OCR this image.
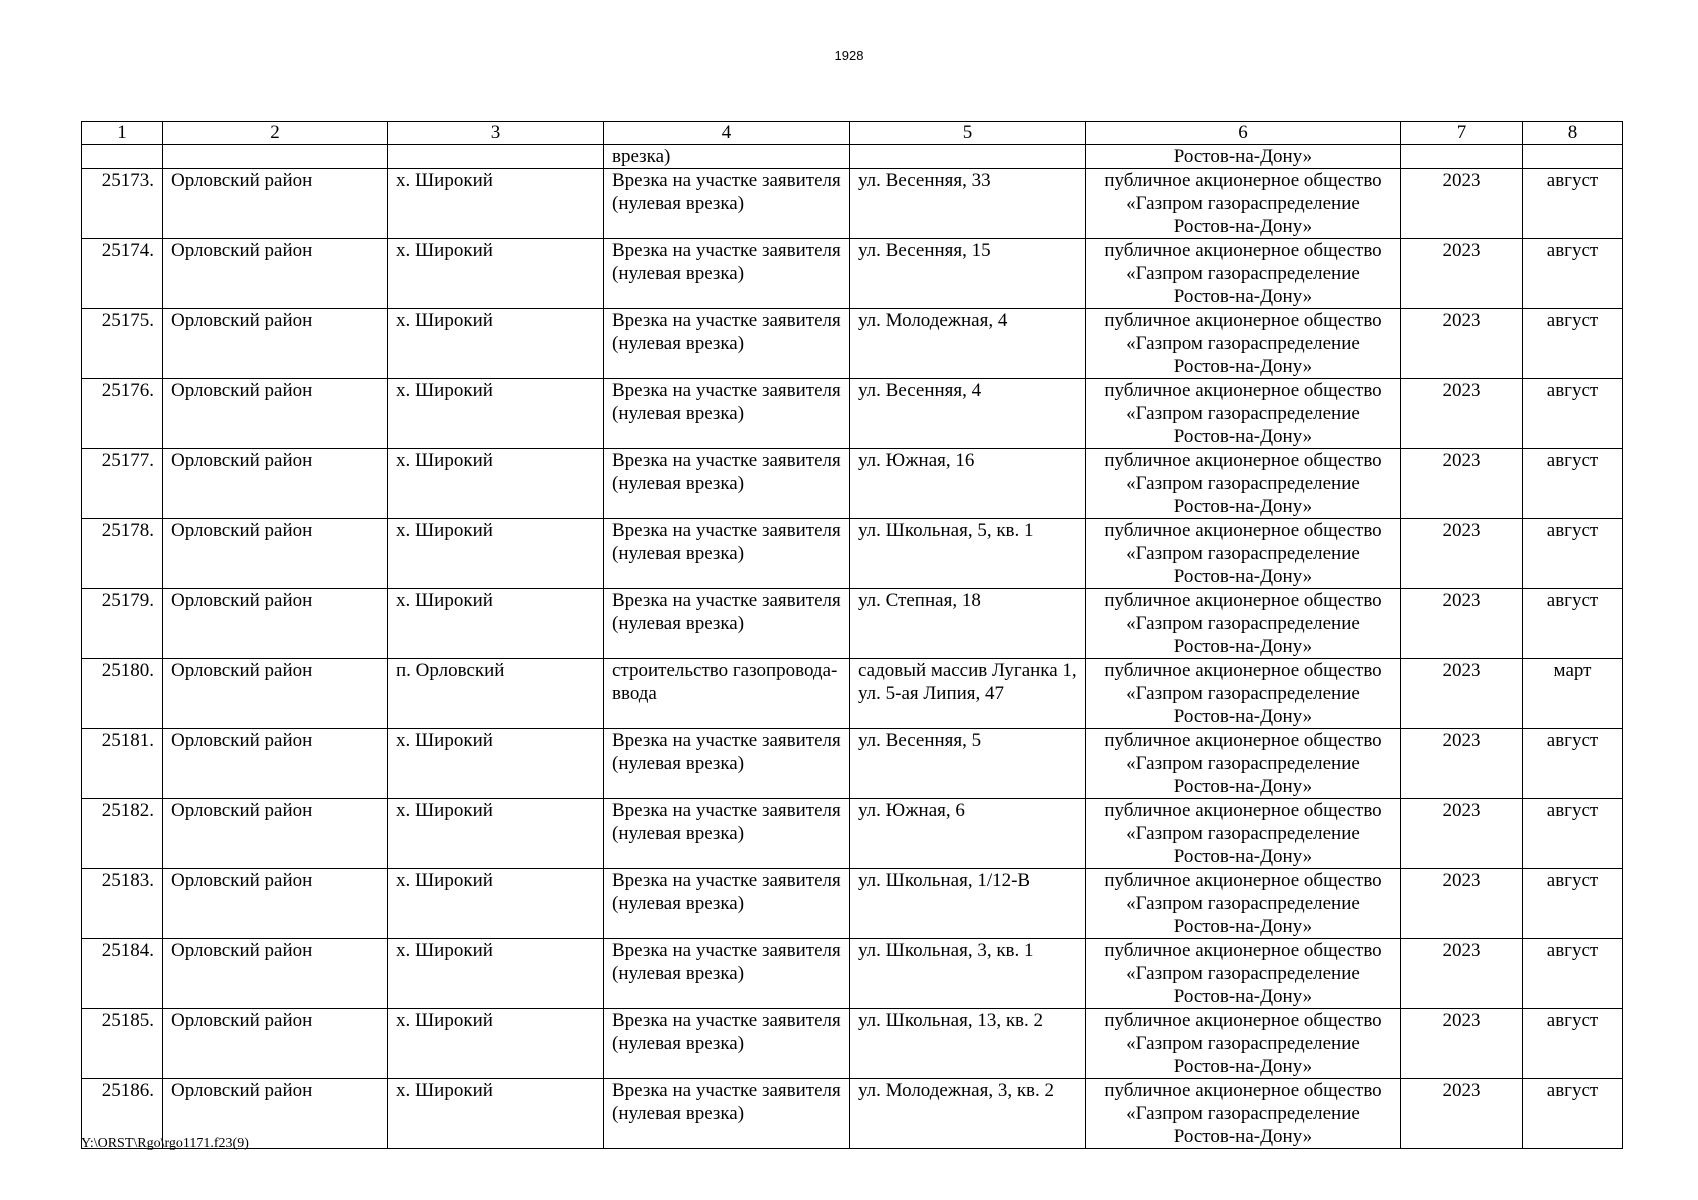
1928
1	2	3	4	5	6	7	8
			врезка)		Ростов-на-Дону»		
25173.	Орловский район	х. Широкий	Врезка на участке заявителя (нулевая врезка)	ул. Весенняя, 33	публичное акционерное общество «Газпром газораспределение Ростов-на-Дону»	2023	август
25174.	Орловский район	х. Широкий	Врезка на участке заявителя (нулевая врезка)	ул. Весенняя, 15	публичное акционерное общество «Газпром газораспределение Ростов-на-Дону»	2023	август
25175.	Орловский район	х. Широкий	Врезка на участке заявителя (нулевая врезка)	ул. Молодежная, 4	публичное акционерное общество «Газпром газораспределение Ростов-на-Дону»	2023	август
25176.	Орловский район	х. Широкий	Врезка на участке заявителя (нулевая врезка)	ул. Весенняя, 4	публичное акционерное общество «Газпром газораспределение Ростов-на-Дону»	2023	август
25177.	Орловский район	х. Широкий	Врезка на участке заявителя (нулевая врезка)	ул. Южная, 16	публичное акционерное общество «Газпром газораспределение Ростов-на-Дону»	2023	август
25178.	Орловский район	х. Широкий	Врезка на участке заявителя (нулевая врезка)	ул. Школьная, 5, кв. 1	публичное акционерное общество «Газпром газораспределение Ростов-на-Дону»	2023	август
25179.	Орловский район	х. Широкий	Врезка на участке заявителя (нулевая врезка)	ул. Степная, 18	публичное акционерное общество «Газпром газораспределение Ростов-на-Дону»	2023	август
25180.	Орловский район	п. Орловский	строительство газопровода-ввода	садовый массив Луганка 1, ул. 5-ая Липия, 47	публичное акционерное общество «Газпром газораспределение Ростов-на-Дону»	2023	март
25181.	Орловский район	х. Широкий	Врезка на участке заявителя (нулевая врезка)	ул. Весенняя, 5	публичное акционерное общество «Газпром газораспределение Ростов-на-Дону»	2023	август
25182.	Орловский район	х. Широкий	Врезка на участке заявителя (нулевая врезка)	ул. Южная, 6	публичное акционерное общество «Газпром газораспределение Ростов-на-Дону»	2023	август
25183.	Орловский район	х. Широкий	Врезка на участке заявителя (нулевая врезка)	ул. Школьная, 1/12-В	публичное акционерное общество «Газпром газораспределение Ростов-на-Дону»	2023	август
25184.	Орловский район	х. Широкий	Врезка на участке заявителя (нулевая врезка)	ул. Школьная, 3, кв. 1	публичное акционерное общество «Газпром газораспределение Ростов-на-Дону»	2023	август
25185.	Орловский район	х. Широкий	Врезка на участке заявителя (нулевая врезка)	ул. Школьная, 13, кв. 2	публичное акционерное общество «Газпром газораспределение Ростов-на-Дону»	2023	август
25186.	Орловский район	х. Широкий	Врезка на участке заявителя (нулевая врезка)	ул. Молодежная, 3, кв. 2	публичное акционерное общество «Газпром газораспределение Ростов-на-Дону»	2023	август
Y:\ORST\Rgo\rgo1171.f23(9)
